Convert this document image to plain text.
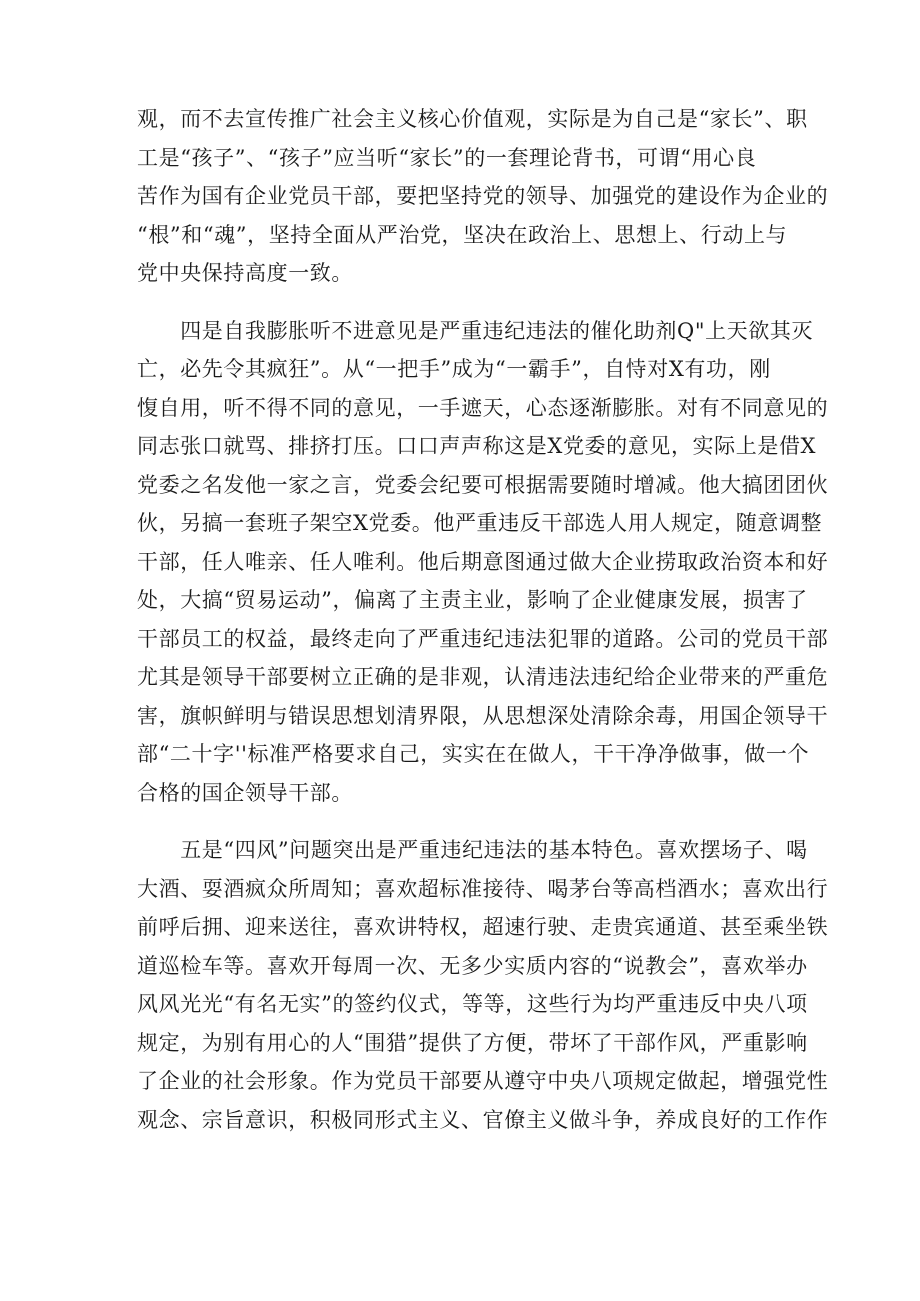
观，而不去宣传推广社会主义核心价值观，实际是为自己是“家长”、职
工是“孩子”、“孩子”应当听“家长”的一套理论背书，可谓“用心良
苦作为国有企业党员干部，要把坚持党的领导、加强党的建设作为企业的
“根”和“魂”，坚持全面从严治党，坚决在政治上、思想上、行动上与
党中央保持高度一致。
　　四是自我膨胀听不进意见是严重违纪违法的催化助剂Q"上天欲其灭
亡，必先令其疯狂”。从“一把手”成为“一霸手”，自恃对X有功，刚
愎自用，听不得不同的意见，一手遮天，心态逐渐膨胀。对有不同意见的
同志张口就骂、排挤打压。口口声声称这是X党委的意见，实际上是借X
党委之名发他一家之言，党委会纪要可根据需要随时增减。他大搞团团伙
伙，另搞一套班子架空X党委。他严重违反干部选人用人规定，随意调整
干部，任人唯亲、任人唯利。他后期意图通过做大企业捞取政治资本和好
处，大搞“贸易运动”，偏离了主责主业，影响了企业健康发展，损害了
干部员工的权益，最终走向了严重违纪违法犯罪的道路。公司的党员干部
尤其是领导干部要树立正确的是非观，认清违法违纪给企业带来的严重危
害，旗帜鲜明与错误思想划清界限，从思想深处清除余毒，用国企领导干
部“二十字''标准严格要求自己，实实在在做人，干干净净做事，做一个
合格的国企领导干部。
　　五是“四风”问题突出是严重违纪违法的基本特色。喜欢摆场子、喝
大酒、耍酒疯众所周知；喜欢超标准接待、喝茅台等高档酒水；喜欢出行
前呼后拥、迎来送往，喜欢讲特权，超速行驶、走贵宾通道、甚至乘坐铁
道巡检车等。喜欢开每周一次、无多少实质内容的“说教会”，喜欢举办
风风光光“有名无实”的签约仪式，等等，这些行为均严重违反中央八项
规定，为别有用心的人“围猎”提供了方便，带坏了干部作风，严重影响
了企业的社会形象。作为党员干部要从遵守中央八项规定做起，增强党性
观念、宗旨意识，积极同形式主义、官僚主义做斗争，养成良好的工作作
